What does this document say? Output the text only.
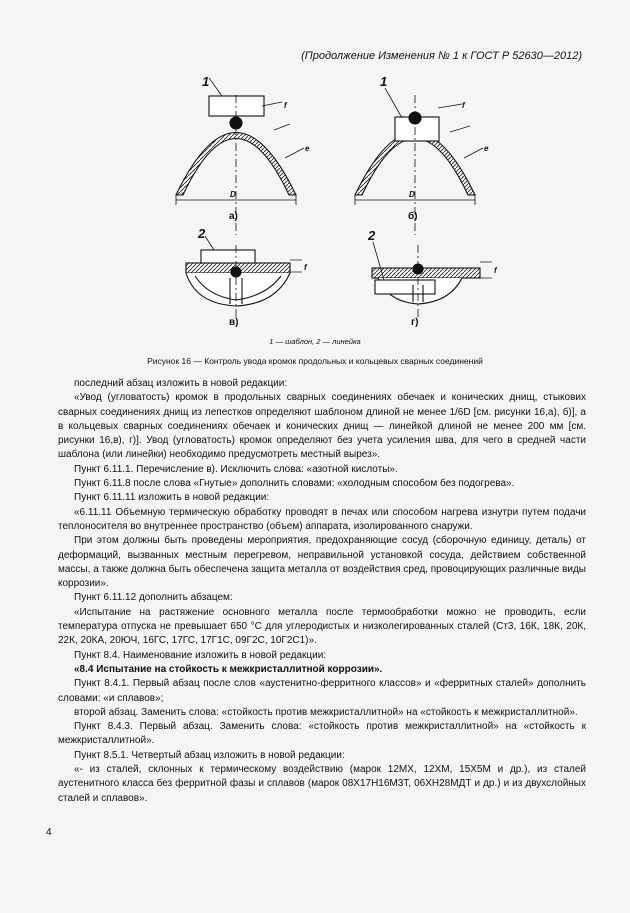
(Продолжение Изменения № 1 к ГОСТ Р 52630—2012)
1	1
2	2
D	D
e	e
f	f
f	f
а)	б)
в)	г)
1 — шаблон, 2 — линейка
Рисунок 16 — Контроль увода кромок продольных и кольцевых сварных соединений

последний абзац изложить в новой редакции:

«Увод (угловатость) кромок в продольных сварных соединениях обечаек и конических днищ, стыкових сварных соединениях днищ из лепестков определяют шаблоном длиной не менее 1/6D [см. рисунки 16,а), б)], а в кольцевых сварных соединениях обечаек и конических днищ — линейкой длиной не менее 200 мм [см. рисунки 16,в), г)]. Увод (угловатость) кромок определяют без учета усиления шва, для чего в средней части шаблона (или линейки) необходимо предусмотреть местный вырез».

Пункт 6.11.1. Перечисление в). Исключить слова: «азотной кислоты».

Пункт 6.11.8 после слова «Гнутые» дополнить словами: «холодным способом без подогрева».

Пункт 6.11.11 изложить в новой редакции:

«6.11.11 Объемную термическую обработку проводят в печах или способом нагрева изнутри путем подачи теплоносителя во внутреннее пространство (объем) аппарата, изолированного снаружи.

При этом должны быть проведены мероприятия, предохраняющие сосуд (сборочную единицу, деталь) от деформаций, вызванных местным перегревом, неправильной установкой сосуда, действием собственной массы, а также должна быть обеспечена защита металла от воздействия сред, провоцирующих различные виды коррозии».

Пункт 6.11.12 дополнить абзацем:

«Испытание на растяжение основного металла после термообработки можно не проводить, если температура отпуска не превышает 650 °С для углеродистых и низколегированных сталей (Ст3, 16К, 18К, 20К, 22К, 20КА, 20ЮЧ, 16ГС, 17ГС, 17Г1С, 09Г2С, 10Г2С1)».

Пункт 8.4. Наименование изложить в новой редакции:

«8.4 Испытание на стойкость к межкристаллитной коррозии».

Пункт 8.4.1. Первый абзац после слов «аустенитно-ферритного классов» и «ферритных сталей» дополнить словами: «и сплавов»;

второй абзац. Заменить слова: «стойкость против межкристаллитной» на «стойкость к межкристаллитной».

Пункт 8.4.3. Первый абзац. Заменить слова: «стойкость против межкристаллитной» на «стойкость к межкристаллитной».

Пункт 8.5.1. Четвертый абзац изложить в новой редакции:

«- из сталей, склонных к термическому воздействию (марок 12МХ, 12ХМ, 15Х5М и др.), из сталей аустенитного класса без ферритной фазы и сплавов (марок 08Х17Н16М3Т, 06ХН28МДТ и др.) и из двухслойных сталей и сплавов».

4
